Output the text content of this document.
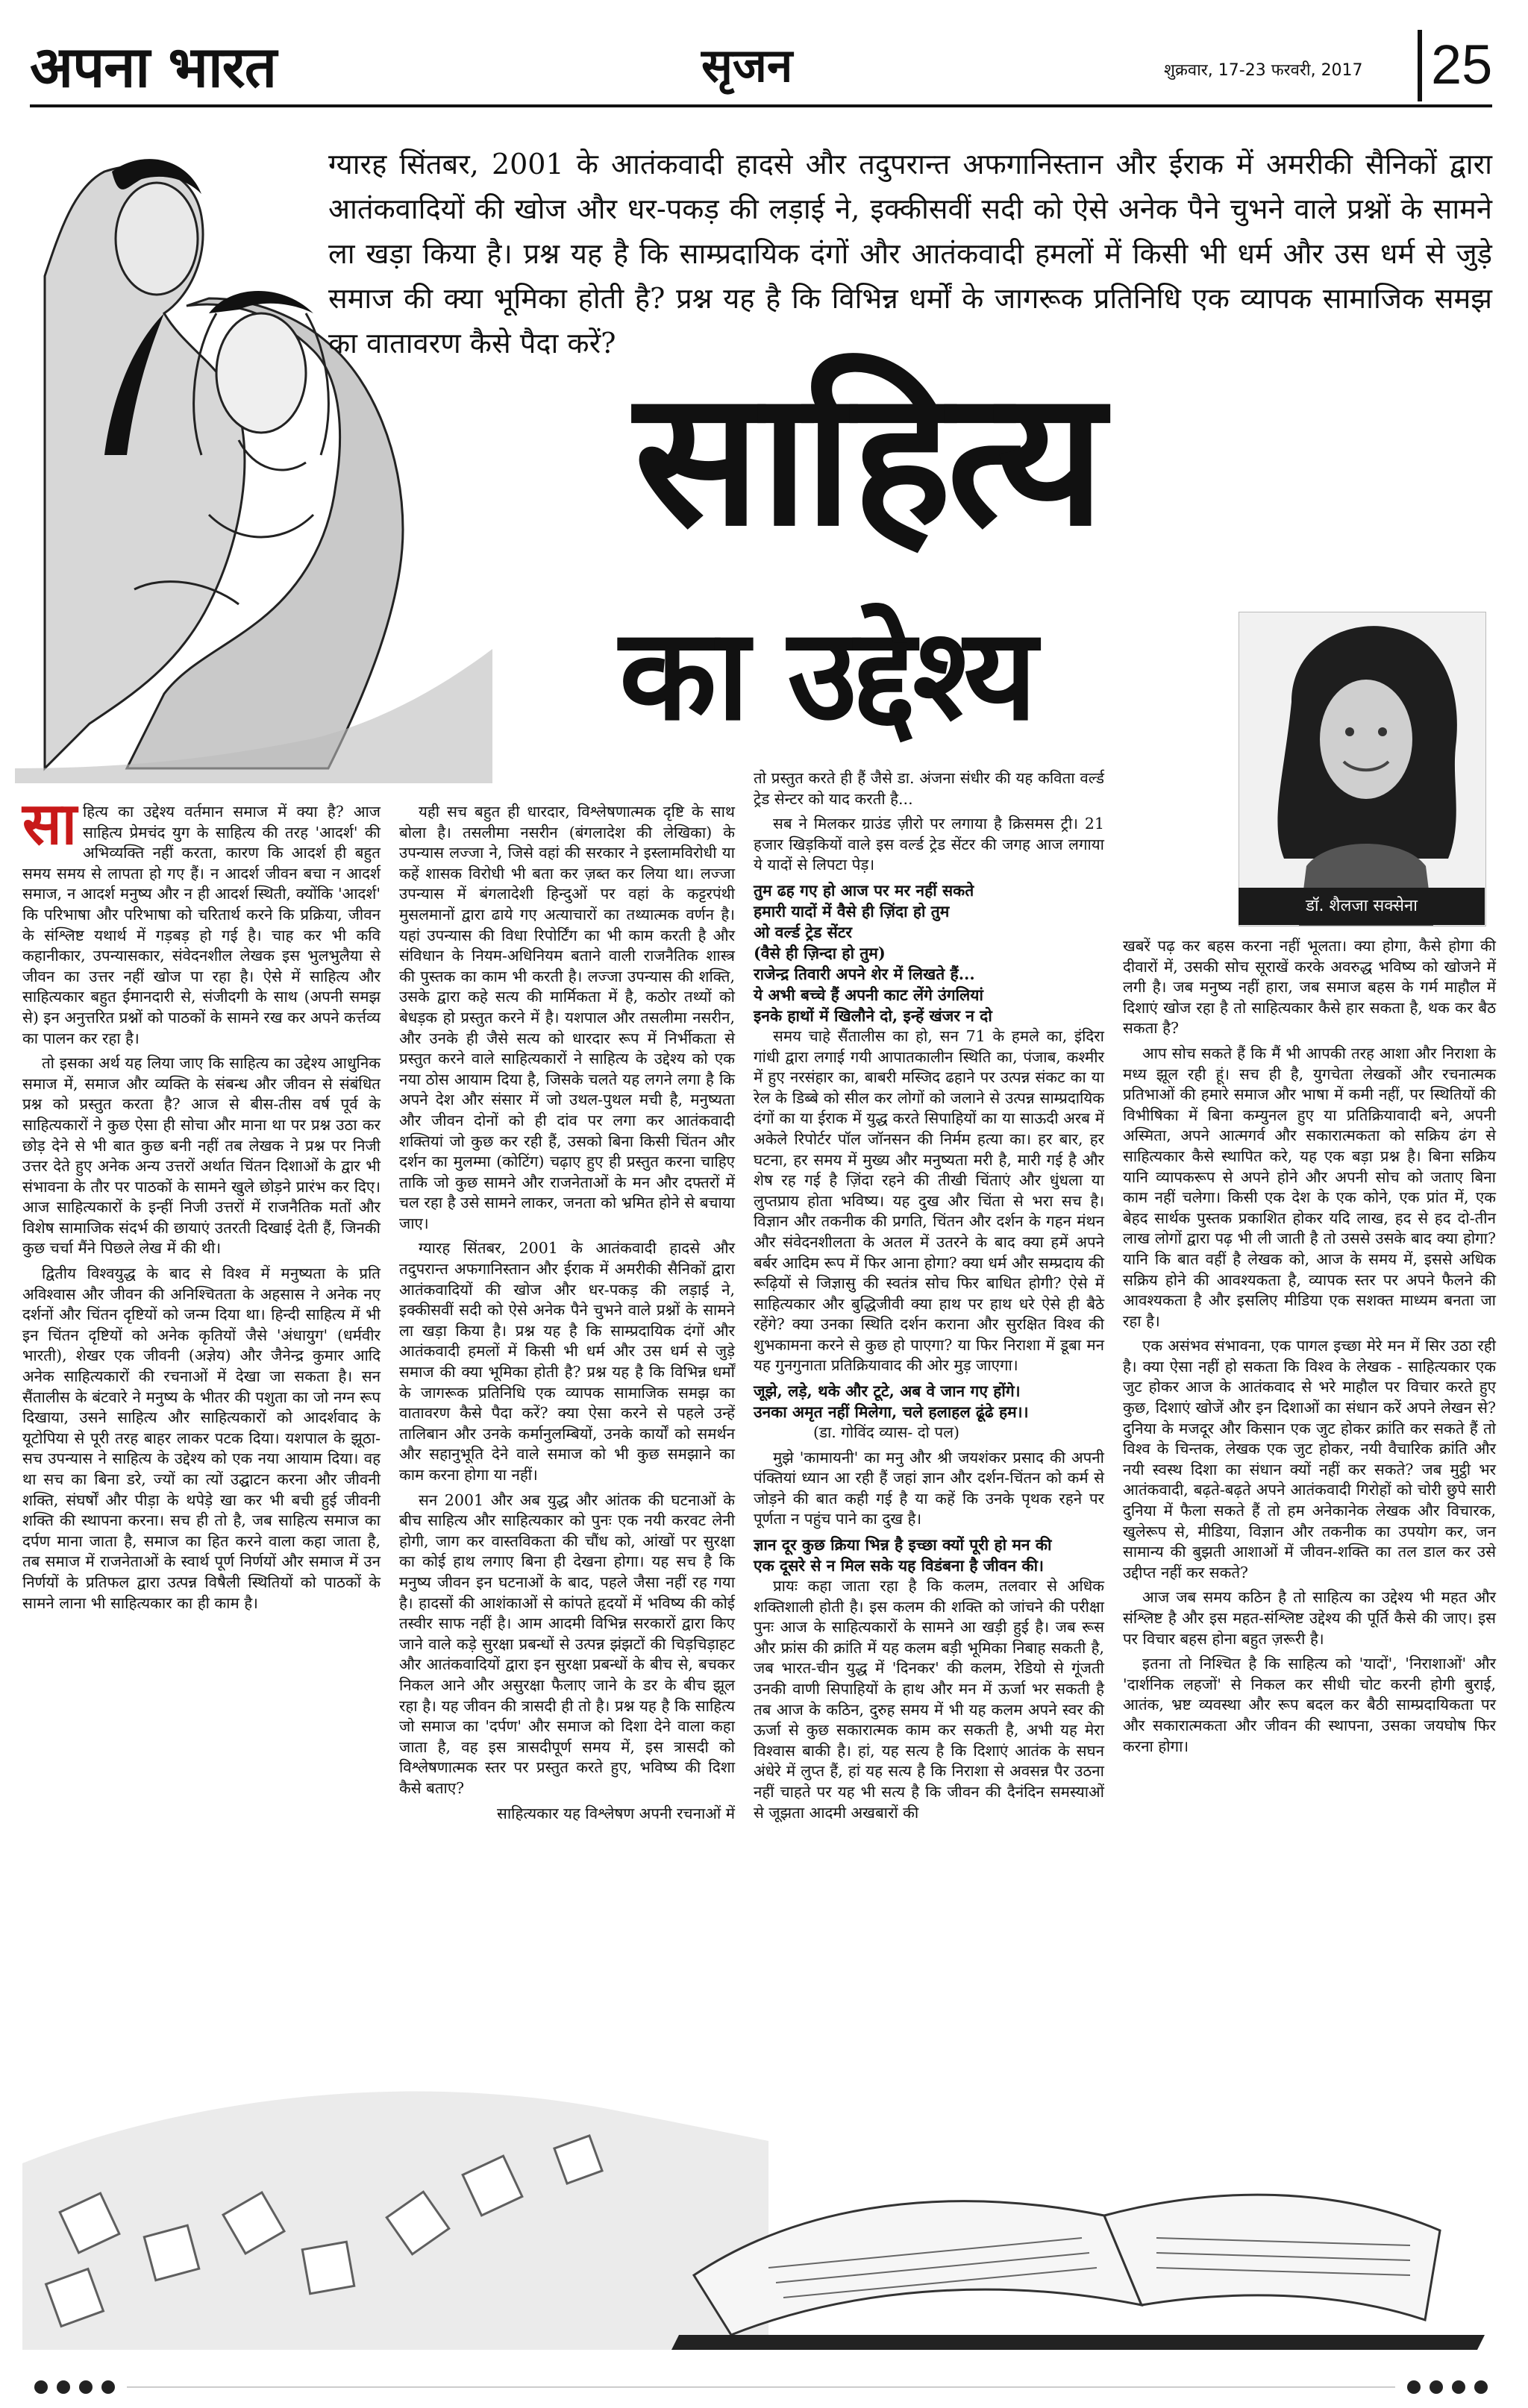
अपना भारत	सृजन	शुक्रवार, 17-23 फरवरी, 2017 25
ग्यारह सिंतबर, 2001 के आतंकवादी हादसे और तदुपरान्त अफगानिस्तान और ईराक में अमरीकी सैनिकों द्वारा आतंकवादियों की खोज और धर-पकड़ की लड़ाई ने, इक्कीसवीं सदी को ऐसे अनेक पैने चुभने वाले प्रश्नों के सामने ला खड़ा किया है। प्रश्न यह है कि साम्प्रदायिक दंगों और आतंकवादी हमलों में किसी भी धर्म और उस धर्म से जुड़े समाज की क्या भूमिका होती है? प्रश्न यह है कि विभिन्न धर्मों के जागरूक प्रतिनिधि एक व्यापक सामाजिक समझ का वातावरण कैसे पैदा करें?
साहित्य
का उद्देश्य
डॉ. शैलजा सक्सेना

साहित्य का उद्देश्य वर्तमान समाज में क्या है? आज साहित्य प्रेमचंद युग के साहित्य की तरह 'आदर्श' की अभिव्यक्ति नहीं करता, कारण कि आदर्श ही बहुत समय समय से लापता हो गए हैं। न आदर्श जीवन बचा न आदर्श समाज, न आदर्श मनुष्य और न ही आदर्श स्थिती, क्योंकि 'आदर्श' कि परिभाषा और परिभाषा को चरितार्थ करने कि प्रक्रिया, जीवन के संश्लिष्ट यथार्थ में गड़बड़ हो गई है। चाह कर भी कवि कहानीकार, उपन्यासकार, संवेदनशील लेखक इस भुलभुलैया से जीवन का उत्तर नहीं खोज पा रहा है। ऐसे में साहित्य और साहित्यकार बहुत ईमानदारी से, संजीदगी के साथ (अपनी समझ से) इन अनुत्तरित प्रश्नों को पाठकों के सामने रख कर अपने कर्त्तव्य का पालन कर रहा है।

तो इसका अर्थ यह लिया जाए कि साहित्य का उद्देश्य आधुनिक समाज में, समाज और व्यक्ति के संबन्ध और जीवन से संबंधित प्रश्न को प्रस्तुत करता है? आज से बीस-तीस वर्ष पूर्व के साहित्यकारों ने कुछ ऐसा ही सोचा और माना था पर प्रश्न उठा कर छोड़ देने से भी बात कुछ बनी नहीं तब लेखक ने प्रश्न पर निजी उत्तर देते हुए अनेक अन्य उत्तरों अर्थात चिंतन दिशाओं के द्वार भी संभावना के तौर पर पाठकों के सामने खुले छोड़ने प्रारंभ कर दिए। आज साहित्यकारों के इन्हीं निजी उत्तरों में राजनैतिक मतों और विशेष सामाजिक संदर्भ की छायाएं उतरती दिखाई देती हैं, जिनकी कुछ चर्चा मैंने पिछले लेख में की थी।

द्वितीय विश्वयुद्ध के बाद से विश्व में मनुष्यता के प्रति अविश्वास और जीवन की अनिश्चितता के अहसास ने अनेक नए दर्शनों और चिंतन दृष्टियों को जन्म दिया था। हिन्दी साहित्य में भी इन चिंतन दृष्टियों को अनेक कृतियों जैसे 'अंधायुग' (धर्मवीर भारती), शेखर एक जीवनी (अज्ञेय) और जैनेन्द्र कुमार आदि अनेक साहित्यकारों की रचनाओं में देखा जा सकता है। सन सैंतालीस के बंटवारे ने मनुष्य के भीतर की पशुता का जो नग्न रूप दिखाया, उसने साहित्य और साहित्यकारों को आदर्शवाद के यूटोपिया से पूरी तरह बाहर लाकर पटक दिया। यशपाल के झूठा-सच उपन्यास ने साहित्य के उद्देश्य को एक नया आयाम दिया। वह था सच का बिना डरे, ज्यों का त्यों उद्घाटन करना और जीवनी शक्ति, संघर्षों और पीड़ा के थपेड़े खा कर भी बची हुई जीवनी शक्ति की स्थापना करना। सच ही तो है, जब साहित्य समाज का दर्पण माना जाता है, समाज का हित करने वाला कहा जाता है, तब समाज में राजनेताओं के स्वार्थ पूर्ण निर्णयों और समाज में उन निर्णयों के प्रतिफल द्वारा उत्पन्न विषैली स्थितियों को पाठकों के सामने लाना भी साहित्यकार का ही काम है।

यही सच बहुत ही धारदार, विश्लेषणात्मक दृष्टि के साथ बोला है। तसलीमा नसरीन (बंगलादेश की लेखिका) के उपन्यास लज्जा ने, जिसे वहां की सरकार ने इस्लामविरोधी या कहें शासक विरोधी भी बता कर ज़ब्त कर लिया था। लज्जा उपन्यास में बंगलादेशी हिन्दुओं पर वहां के कट्टरपंथी मुसलमानों द्वारा ढाये गए अत्याचारों का तथ्यात्मक वर्णन है। यहां उपन्यास की विधा रिपोर्टिंग का भी काम करती है और संविधान के नियम-अधिनियम बताने वाली राजनैतिक शास्त्र की पुस्तक का काम भी करती है। लज्जा उपन्यास की शक्ति, उसके द्वारा कहे सत्य की मार्मिकता में है, कठोर तथ्यों को बेधड़क हो प्रस्तुत करने में है। यशपाल और तसलीमा नसरीन, और उनके ही जैसे सत्य को धारदार रूप में निर्भीकता से प्रस्तुत करने वाले साहित्यकारों ने साहित्य के उद्देश्य को एक नया ठोस आयाम दिया है, जिसके चलते यह लगने लगा है कि अपने देश और संसार में जो उथल-पुथल मची है, मनुष्यता और जीवन दोनों को ही दांव पर लगा कर आतंकवादी शक्तियां जो कुछ कर रही हैं, उसको बिना किसी चिंतन और दर्शन का मुलम्मा (कोटिंग) चढ़ाए हुए ही प्रस्तुत करना चाहिए ताकि जो कुछ सामने और राजनेताओं के मन और दफ्तरों में चल रहा है उसे सामने लाकर, जनता को भ्रमित होने से बचाया जाए।

ग्यारह सिंतबर, 2001 के आतंकवादी हादसे और तदुपरान्त अफगानिस्तान और ईराक में अमरीकी सैनिकों द्वारा आतंकवादियों की खोज और धर-पकड़ की लड़ाई ने, इक्कीसवीं सदी को ऐसे अनेक पैने चुभने वाले प्रश्नों के सामने ला खड़ा किया है। प्रश्न यह है कि साम्प्रदायिक दंगों और आतंकवादी हमलों में किसी भी धर्म और उस धर्म से जुड़े समाज की क्या भूमिका होती है? प्रश्न यह है कि विभिन्न धर्मों के जागरूक प्रतिनिधि एक व्यापक सामाजिक समझ का वातावरण कैसे पैदा करें? क्या ऐसा करने से पहले उन्हें तालिबान और उनके कर्मानुलम्बियों, उनके कार्यों को समर्थन और सहानुभूति देने वाले समाज को भी कुछ समझाने का काम करना होगा या नहीं।

सन 2001 और अब युद्ध और आंतक की घटनाओं के बीच साहित्य और साहित्यकार को पुनः एक नयी करवट लेनी होगी, जाग कर वास्तविकता की चौंध को, आंखों पर सुरक्षा का कोई हाथ लगाए बिना ही देखना होगा। यह सच है कि मनुष्य जीवन इन घटनाओं के बाद, पहले जैसा नहीं रह गया है। हादसों की आशंकाओं से कांपते हृदयों में भविष्य की कोई तस्वीर साफ नहीं है। आम आदमी विभिन्न सरकारों द्वारा किए जाने वाले कड़े सुरक्षा प्रबन्धों से उत्पन्न झंझटों की चिड़चिड़ाहट और आतंकवादियों द्वारा इन सुरक्षा प्रबन्धों के बीच से, बचकर निकल आने और असुरक्षा फैलाए जाने के डर के बीच झूल रहा है। यह जीवन की त्रासदी ही तो है। प्रश्न यह है कि साहित्य जो समाज का 'दर्पण' और समाज को दिशा देने वाला कहा जाता है, वह इस त्रासदीपूर्ण समय में, इस त्रासदी को विश्लेषणात्मक स्तर पर प्रस्तुत करते हुए, भविष्य की दिशा कैसे बताए?

साहित्यकार यह विश्लेषण अपनी रचनाओं में

तो प्रस्तुत करते ही हैं जैसे डा. अंजना संधीर की यह कविता वर्ल्ड ट्रेड सेन्टर को याद करती है...

सब ने मिलकर ग्राउंड ज़ीरो पर लगाया है क्रिसमस ट्री। 21 हजार खिड़कियों वाले इस वर्ल्ड ट्रेड सेंटर की जगह आज लगाया ये यादों से लिपटा पेड़।

तुम ढह गए हो आज पर मर नहीं सकते
हमारी यादों में वैसे ही ज़िंदा हो तुम
ओ वर्ल्ड ट्रेड सेंटर
(वैसे ही ज़िन्दा हो तुम)
राजेन्द्र तिवारी अपने शेर में लिखते हैं...
ये अभी बच्चे हैं अपनी काट लेंगे उंगलियां
इनके हाथों में खिलौने दो, इन्हें खंजर न दो

समय चाहे सैंतालीस का हो, सन 71 के हमले का, इंदिरा गांधी द्वारा लगाई गयी आपातकालीन स्थिति का, पंजाब, कश्मीर में हुए नरसंहार का, बाबरी मस्जिद ढहाने पर उत्पन्न संकट का या रेल के डिब्बे को सील कर लोगों को जलाने से उत्पन्न साम्प्रदायिक दंगों का या ईराक में युद्ध करते सिपाहियों का या साऊदी अरब में अकेले रिपोर्टर पॉल जॉनसन की निर्मम हत्या का। हर बार, हर घटना, हर समय में मुख्य और मनुष्यता मरी है, मारी गई है और शेष रह गई है ज़िंदा रहने की तीखी चिंताएं और धुंधला या लुप्तप्राय होता भविष्य। यह दुख और चिंता से भरा सच है। विज्ञान और तकनीक की प्रगति, चिंतन और दर्शन के गहन मंथन और संवेदनशीलता के अतल में उतरने के बाद क्या हमें अपने बर्बर आदिम रूप में फिर आना होगा? क्या धर्म और सम्प्रदाय की रूढ़ियों से जिज्ञासु की स्वतंत्र सोच फिर बाधित होगी? ऐसे में साहित्यकार और बुद्धिजीवी क्या हाथ पर हाथ धरे ऐसे ही बैठे रहेंगे? क्या उनका स्थिति दर्शन कराना और सुरक्षित विश्व की शुभकामना करने से कुछ हो पाएगा? या फिर निराशा में डूबा मन यह गुनगुनाता प्रतिक्रियावाद की ओर मुड़ जाएगा।

जूझे, लड़े, थके और टूटे, अब वे जान गए होंगे।
उनका अमृत नहीं मिलेगा, चले हलाहल ढूंढे हम।।

(डा. गोविंद व्यास- दो पल)

मुझे 'कामायनी' का मनु और श्री जयशंकर प्रसाद की अपनी पंक्तियां ध्यान आ रही हैं जहां ज्ञान और दर्शन-चिंतन को कर्म से जोड़ने की बात कही गई है या कहें कि उनके पृथक रहने पर पूर्णता न पहुंच पाने का दुख है।

ज्ञान दूर कुछ क्रिया भिन्न है इच्छा क्यों पूरी हो मन की
एक दूसरे से न मिल सके यह विडंबना है जीवन की।

प्रायः कहा जाता रहा है कि कलम, तलवार से अधिक शक्तिशाली होती है। इस कलम की शक्ति को जांचने की परीक्षा पुनः आज के साहित्यकारों के सामने आ खड़ी हुई है। जब रूस और फ्रांस की क्रांति में यह कलम बड़ी भूमिका निबाह सकती है, जब भारत-चीन युद्ध में 'दिनकर' की कलम, रेडियो से गूंजती उनकी वाणी सिपाहियों के हाथ और मन में ऊर्जा भर सकती है तब आज के कठिन, दुरुह समय में भी यह कलम अपने स्वर की ऊर्जा से कुछ सकारात्मक काम कर सकती है, अभी यह मेरा विश्वास बाकी है। हां, यह सत्य है कि दिशाएं आतंक के सघन अंधेरे में लुप्त हैं, हां यह सत्य है कि निराशा से अवसन्न पैर उठना नहीं चाहते पर यह भी सत्य है कि जीवन की दैनंदिन समस्याओं से जूझता आदमी अखबारों की

खबरें पढ़ कर बहस करना नहीं भूलता। क्या होगा, कैसे होगा की दीवारों में, उसकी सोच सूराखें करके अवरुद्ध भविष्य को खोजने में लगी है। जब मनुष्य नहीं हारा, जब समाज बहस के गर्म माहौल में दिशाएं खोज रहा है तो साहित्यकार कैसे हार सकता है, थक कर बैठ सकता है?

आप सोच सकते हैं कि मैं भी आपकी तरह आशा और निराशा के मध्य झूल रही हूं। सच ही है, युगचेता लेखकों और रचनात्मक प्रतिभाओं की हमारे समाज और भाषा में कमी नहीं, पर स्थितियों की विभीषिका में बिना कम्युनल हुए या प्रतिक्रियावादी बने, अपनी अस्मिता, अपने आत्मगर्व और सकारात्मकता को सक्रिय ढंग से साहित्यकार कैसे स्थापित करे, यह एक बड़ा प्रश्न है। बिना सक्रिय यानि व्यापकरूप से अपने होने और अपनी सोच को जताए बिना काम नहीं चलेगा। किसी एक देश के एक कोने, एक प्रांत में, एक बेहद सार्थक पुस्तक प्रकाशित होकर यदि लाख, हद से हद दो-तीन लाख लोगों द्वारा पढ़ भी ली जाती है तो उससे उसके बाद क्या होगा? यानि कि बात वहीं है लेखक को, आज के समय में, इससे अधिक सक्रिय होने की आवश्यकता है, व्यापक स्तर पर अपने फैलने की आवश्यकता है और इसलिए मीडिया एक सशक्त माध्यम बनता जा रहा है।

एक असंभव संभावना, एक पागल इच्छा मेरे मन में सिर उठा रही है। क्या ऐसा नहीं हो सकता कि विश्व के लेखक - साहित्यकार एक जुट होकर आज के आतंकवाद से भरे माहौल पर विचार करते हुए कुछ, दिशाएं खोजें और इन दिशाओं का संधान करें अपने लेखन से? दुनिया के मजदूर और किसान एक जुट होकर क्रांति कर सकते हैं तो विश्व के चिन्तक, लेखक एक जुट होकर, नयी वैचारिक क्रांति और नयी स्वस्थ दिशा का संधान क्यों नहीं कर सकते? जब मुट्ठी भर आतंकवादी, बढ़ते-बढ़ते अपने आतंकवादी गिरोहों को चोरी छुपे सारी दुनिया में फैला सकते हैं तो हम अनेकानेक लेखक और विचारक, खुलेरूप से, मीडिया, विज्ञान और तकनीक का उपयोग कर, जन सामान्य की बुझती आशाओं में जीवन-शक्ति का तल डाल कर उसे उद्दीप्त नहीं कर सकते?

आज जब समय कठिन है तो साहित्य का उद्देश्य भी महत और संश्लिष्ट है और इस महत-संश्लिष्ट उद्देश्य की पूर्ति कैसे की जाए। इस पर विचार बहस होना बहुत ज़रूरी है।

इतना तो निश्चित है कि साहित्य को 'यादों', 'निराशाओं' और 'दार्शनिक लहजों' से निकल कर सीधी चोट करनी होगी बुराई, आतंक, भ्रष्ट व्यवस्था और रूप बदल कर बैठी साम्प्रदायिकता पर और सकारात्मकता और जीवन की स्थापना, उसका जयघोष फिर करना होगा।
